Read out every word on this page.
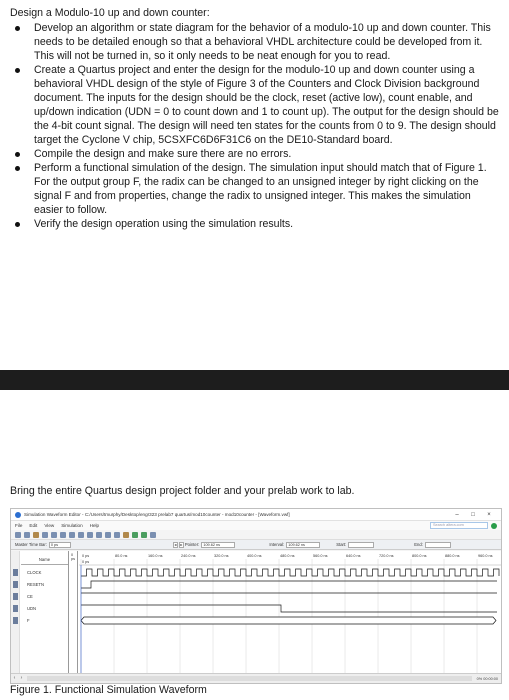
Design a Modulo-10 up and down counter:
Develop an algorithm or state diagram for the behavior of a modulo-10 up and down counter. This needs to be detailed enough so that a behavioral VHDL architecture could be developed from it. This will not be turned in, so it only needs to be neat enough for you to read.
Create a Quartus project and enter the design for the modulo-10 up and down counter using a behavioral VHDL design of the style of Figure 3 of the Counters and Clock Division background document. The inputs for the design should be the clock, reset (active low), count enable, and up/down indication (UDN = 0 to count down and 1 to count up). The output for the design should be the 4-bit count signal. The design will need ten states for the counts from 0 to 9. The design should target the Cyclone V chip, 5CSXFC6D6F31C6 on the DE10-Standard board.
Compile the design and make sure there are no errors.
Perform a functional simulation of the design. The simulation input should match that of Figure 1. For the output group F, the radix can be changed to an unsigned integer by right clicking on the signal F and from properties, change the radix to unsigned integer. This makes the simulation easier to follow.
Verify the design operation using the simulation results.
Bring the entire Quartus design project folder and your prelab work to lab.
Simulation Waveform Editor - C:/Users/tmurphy/Desktop/engr323 prelab7 quartus/mod10counter - mod10counter - [Waveform.vwf]	–	□	×
File Edit View Simulation Help	Search altera.com
Master Time Bar:	0 ps	◂ ▸ Pointer:	109.62 ns	Interval:	109.62 ns	Start:	End:
Name
CLOCK
RESETN
CE
UDN
F
0 ps
0 ps	80.0 ns	160.0 ns	240.0 ns	320.0 ns	400.0 ns	480.0 ns	560.0 ns	640.0 ns	720.0 ns	800.0 ns	880.0 ns	960.0 ns
0 ps
‹	›	0% 00:00:00
Figure 1. Functional Simulation Waveform
